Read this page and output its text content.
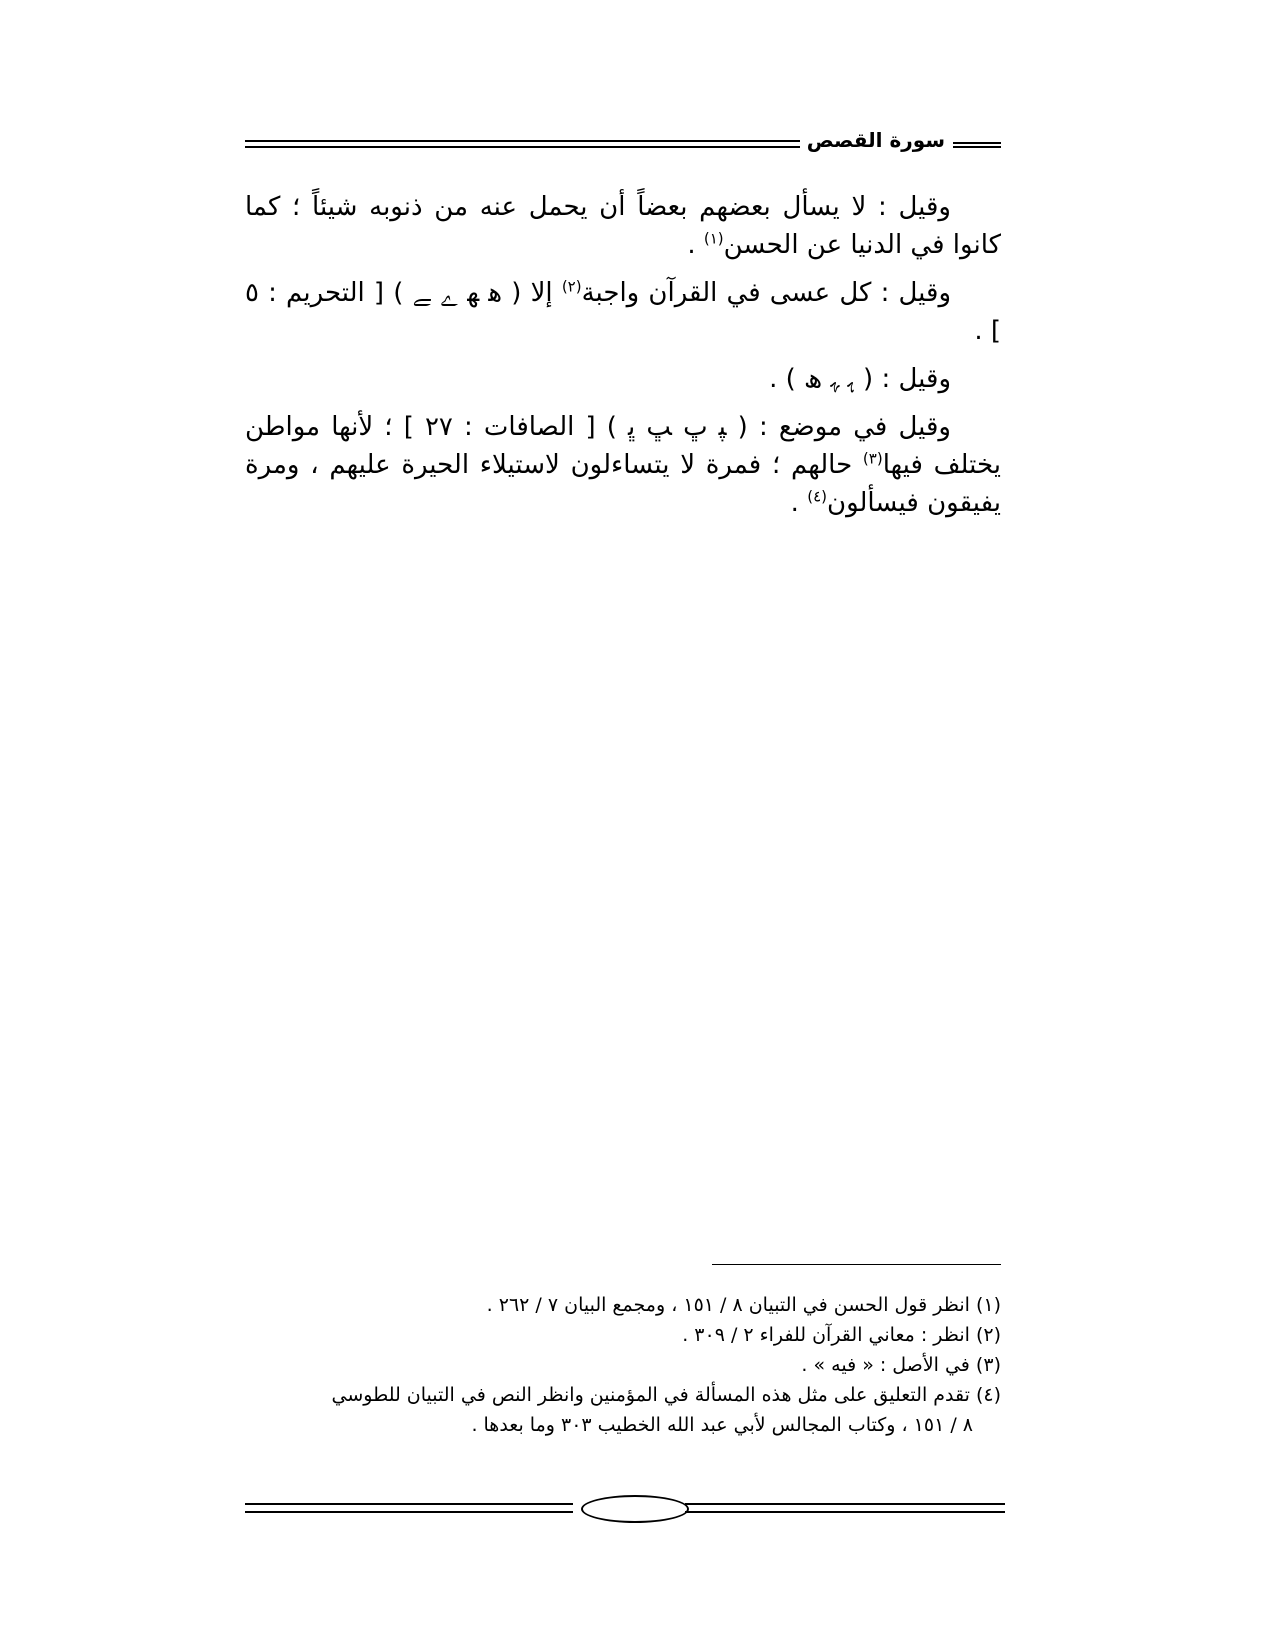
سورة القصص

وقيل : لا يسأل بعضهم بعضاً أن يحمل عنه من ذنوبه شيئاً ؛ كما كانوا في الدنيا عن الحسن$^{(١)}$ .

وقيل : كل عسى في القرآن واجبة$^{(٢)}$ إلا ( ﮬ ﮭ ﮮ ﮯ ) [ التحريم : ٥ ] .

وقيل : ( ﮨ ﮩ ﮪ ) .

وقيل في موضع : ( ﭙ ﭚ ﭛ ﭜ ) [ الصافات : ٢٧ ] ؛ لأنها مواطن يختلف فيها$^{(٣)}$ حالهم ؛ فمرة لا يتساءلون لاستيلاء الحيرة عليهم ، ومرة يفيقون فيسألون$^{(٤)}$ .

(١) انظر قول الحسن في التبيان ٨ / ١٥١ ، ومجمع البيان ٧ / ٢٦٢ .

(٢) انظر : معاني القرآن للفراء ٢ / ٣٠٩ .

(٣) في الأصل : « فيه » .

(٤) تقدم التعليق على مثل هذه المسألة في المؤمنين وانظر النص في التبيان للطوسي

٨ / ١٥١ ، وكتاب المجالس لأبي عبد الله الخطيب ٣٠٣ وما بعدها .
